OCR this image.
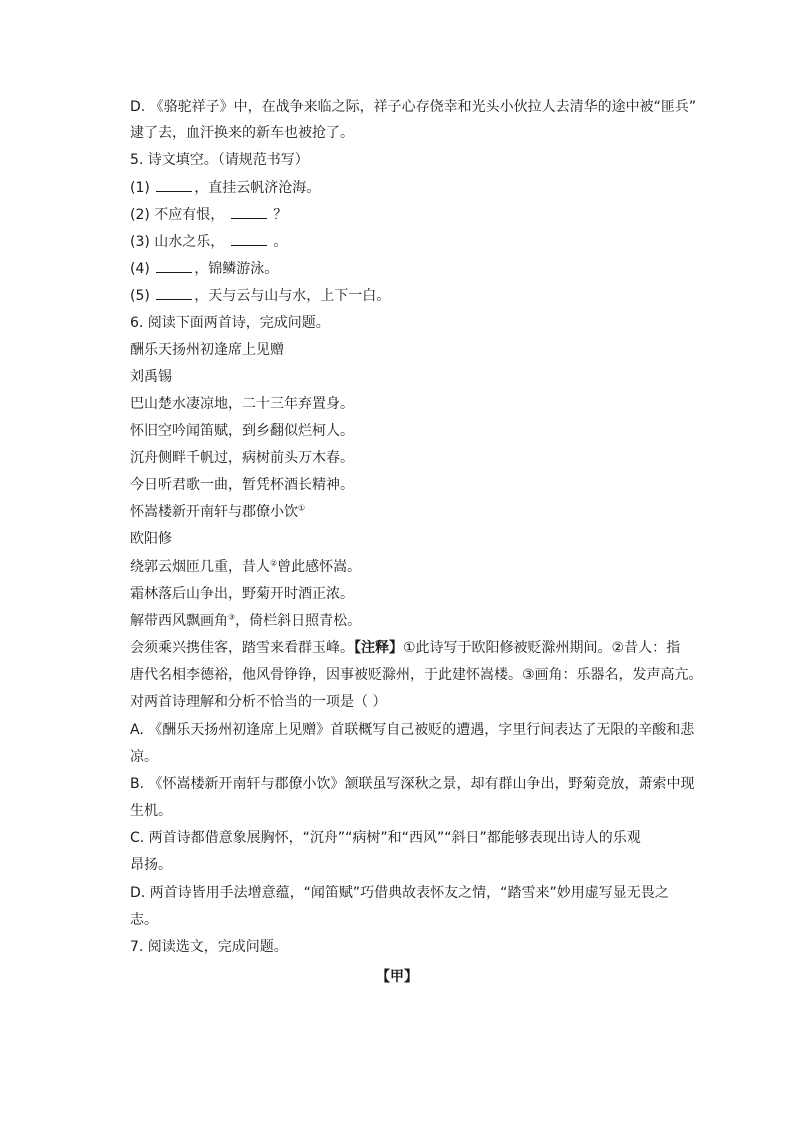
D. 《骆驼祥子》中，在战争来临之际，祥子心存侥幸和光头小伙拉人去清华的途中被“匪兵”
逮了去，血汗换来的新车也被抢了。
5. 诗文填空。（请规范书写）
(1)	，直挂云帆济沧海。
(2) 不应有恨，	？
(3) 山水之乐，	。
(4)	，锦鳞游泳。
(5)	，天与云与山与水，上下一白。
6. 阅读下面两首诗，完成问题。
酬乐天扬州初逢席上见赠
刘禹锡
巴山楚水凄凉地，二十三年弃置身。
怀旧空吟闻笛赋，到乡翻似烂柯人。
沉舟侧畔千帆过，病树前头万木春。
今日听君歌一曲，暂凭杯酒长精神。
怀嵩楼新开南轩与郡僚小饮①
欧阳修
绕郭云烟匝几重，昔人②曾此感怀嵩。
霜林落后山争出，野菊开时酒正浓。
解带西风飘画角③，倚栏斜日照青松。
会须乘兴携佳客，踏雪来看群玉峰。【注释】①此诗写于欧阳修被贬滁州期间。②昔人：指
唐代名相李德裕，他风骨铮铮，因事被贬滁州，于此建怀嵩楼。③画角：乐器名，发声高亢。
对两首诗理解和分析不恰当的一项是（ ）
A. 《酬乐天扬州初逢席上见赠》首联概写自己被贬的遭遇，字里行间表达了无限的辛酸和悲
凉。
B. 《怀嵩楼新开南轩与郡僚小饮》颔联虽写深秋之景，却有群山争出，野菊竞放，萧索中现
生机。
C. 两首诗都借意象展胸怀，“沉舟”“病树”和“西风”“斜日”都能够表现出诗人的乐观
昂扬。
D. 两首诗皆用手法增意蕴，“闻笛赋”巧借典故表怀友之情，“踏雪来”妙用虚写显无畏之
志。
7. 阅读选文，完成问题。
【甲】
